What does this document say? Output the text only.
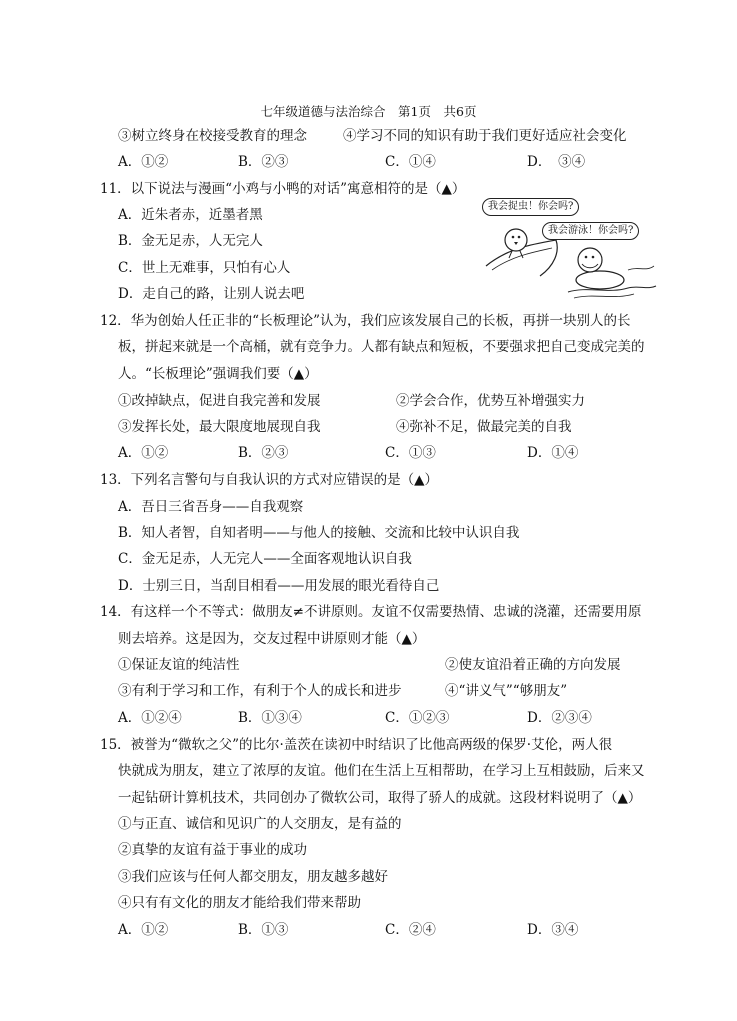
七年级道德与法治综合　第1页　共6页
③树立终身在校接受教育的理念	④学习不同的知识有助于我们更好适应社会变化
A．①②	B．②③	C．①④	D．　③④
11．以下说法与漫画“小鸡与小鸭的对话”寓意相符的是（▲）
A．近朱者赤，近墨者黑
B．金无足赤，人无完人
C．世上无难事，只怕有心人
D．走自己的路，让别人说去吧
我会捉虫！你会吗?
我会游泳！你会吗?
12．华为创始人任正非的“长板理论”认为，我们应该发展自己的长板，再拼一块别人的长
板，拼起来就是一个高桶，就有竞争力。人都有缺点和短板，不要强求把自己变成完美的
人。“长板理论”强调我们要（▲）
①改掉缺点，促进自我完善和发展	②学会合作，优势互补增强实力
③发挥长处，最大限度地展现自我	④弥补不足，做最完美的自我
A．①②	B．②③	C．①③	D．①④
13．下列名言警句与自我认识的方式对应错误的是（▲）
A．吾日三省吾身——自我观察
B．知人者智，自知者明——与他人的接触、交流和比较中认识自我
C．金无足赤，人无完人——全面客观地认识自我
D．士别三日，当刮目相看——用发展的眼光看待自己
14．有这样一个不等式：做朋友≠不讲原则。友谊不仅需要热情、忠诚的浇灌，还需要用原
则去培养。这是因为，交友过程中讲原则才能（▲）
①保证友谊的纯洁性	②使友谊沿着正确的方向发展
③有利于学习和工作，有利于个人的成长和进步	④“讲义气”“够朋友”
A．①②④	B．①③④	C．①②③	D．②③④
15．被誉为“微软之父”的比尔·盖茨在读初中时结识了比他高两级的保罗·艾伦，两人很
快就成为朋友，建立了浓厚的友谊。他们在生活上互相帮助，在学习上互相鼓励，后来又
一起钻研计算机技术，共同创办了微软公司，取得了骄人的成就。这段材料说明了（▲）
①与正直、诚信和见识广的人交朋友，是有益的
②真挚的友谊有益于事业的成功
③我们应该与任何人都交朋友，朋友越多越好
④只有有文化的朋友才能给我们带来帮助
A．①②	B．①③	C．②④	D．③④
